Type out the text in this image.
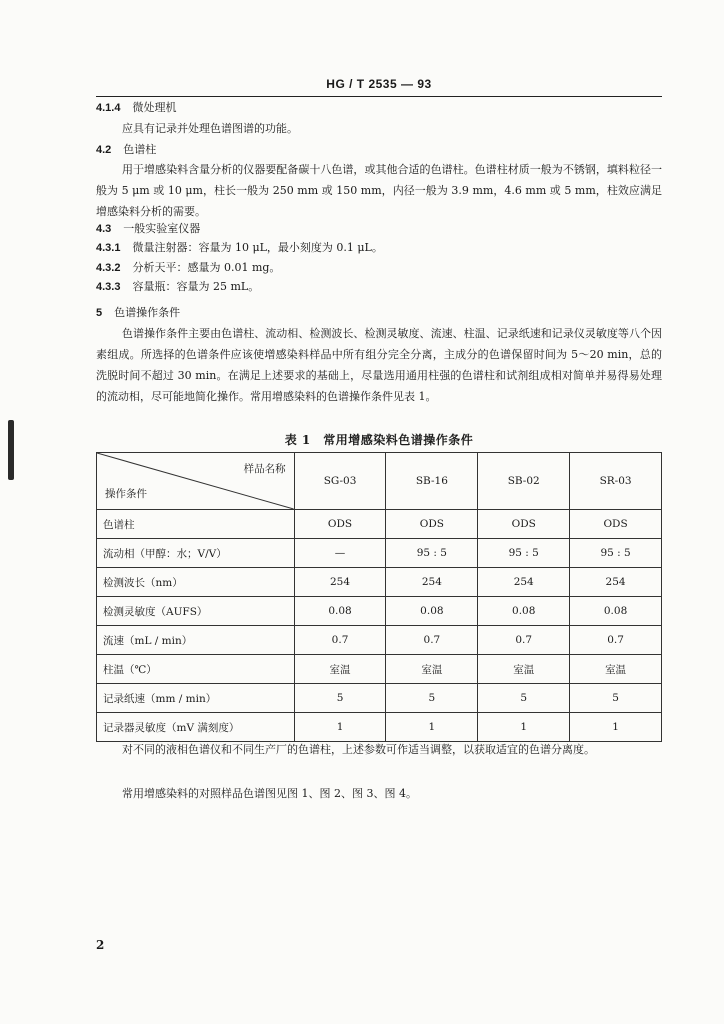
HG / T 2535 — 93
4.1.4 微处理机
应具有记录并处理色谱图谱的功能。
4.2 色谱柱
用于增感染料含量分析的仪器要配备碳十八色谱，或其他合适的色谱柱。色谱柱材质一般为不锈钢，填料粒径一般为 5 μm 或 10 μm，柱长一般为 250 mm 或 150 mm，内径一般为 3.9 mm，4.6 mm 或 5 mm，柱效应满足增感染料分析的需要。
4.3 一般实验室仪器
4.3.1 微量注射器：容量为 10 μL，最小刻度为 0.1 μL。
4.3.2 分析天平：感量为 0.01 mg。
4.3.3 容量瓶：容量为 25 mL。
5 色谱操作条件
色谱操作条件主要由色谱柱、流动相、检测波长、检测灵敏度、流速、柱温、记录纸速和记录仪灵敏度等八个因素组成。所选择的色谱条件应该使增感染料样品中所有组分完全分离，主成分的色谱保留时间为 5～20 min，总的洗脱时间不超过 30 min。在满足上述要求的基础上，尽量选用通用柱强的色谱柱和试剂组成相对简单并易得易处理的流动相，尽可能地简化操作。常用增感染料的色谱操作条件见表 1。
表 1　常用增感染料色谱操作条件
样品名称
操作条件	SG-03	SB-16	SB-02	SR-03
色谱柱	ODS	ODS	ODS	ODS
流动相（甲醇：水；V/V）	—	95 : 5	95 : 5	95 : 5
检测波长（nm）	254	254	254	254
检测灵敏度（AUFS）	0.08	0.08	0.08	0.08
流速（mL / min）	0.7	0.7	0.7	0.7
柱温（℃）	室温	室温	室温	室温
记录纸速（mm / min）	5	5	5	5
记录器灵敏度（mV 满刻度）	1	1	1	1
对不同的液相色谱仪和不同生产厂的色谱柱，上述参数可作适当调整，以获取适宜的色谱分离度。
常用增感染料的对照样品色谱图见图 1、图 2、图 3、图 4。
2
